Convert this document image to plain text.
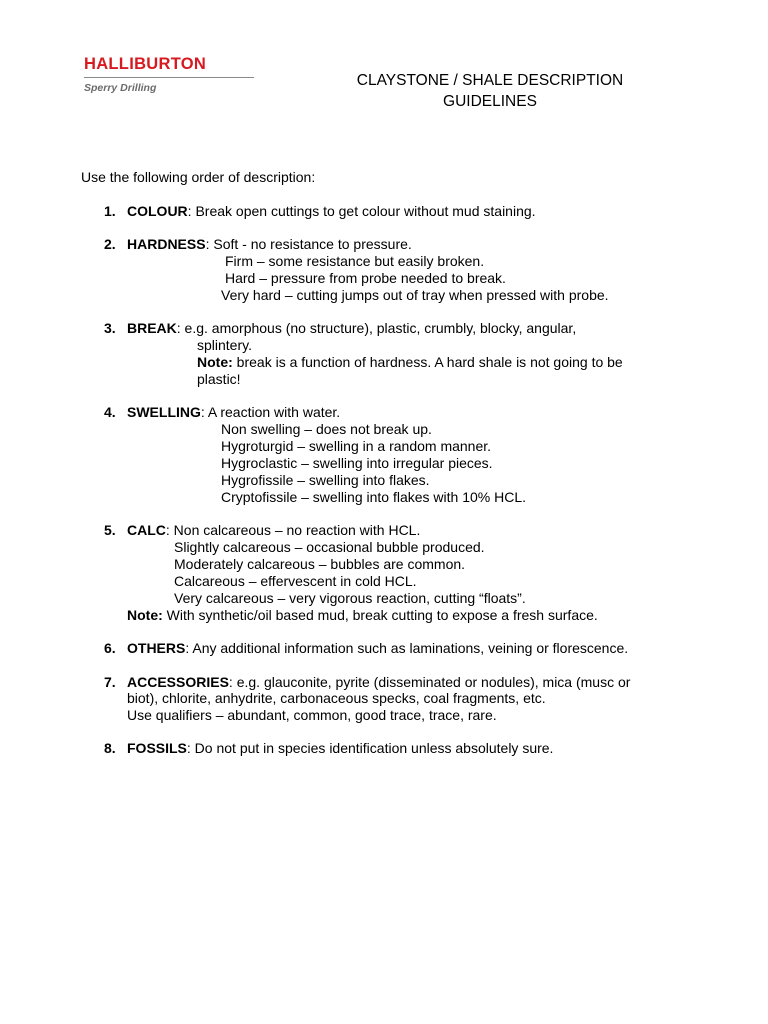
HALLIBURTON
Sperry Drilling	CLAYSTONE / SHALE DESCRIPTION
GUIDELINES
Use the following order of description:
1. COLOUR: Break open cuttings to get colour without mud staining.
2. HARDNESS: Soft - no resistance to pressure.
Firm – some resistance but easily broken.
Hard – pressure from probe needed to break.
Very hard – cutting jumps out of tray when pressed with probe.
3. BREAK: e.g. amorphous (no structure), plastic, crumbly, blocky, angular,
splintery.
Note: break is a function of hardness. A hard shale is not going to be
plastic!
4. SWELLING: A reaction with water.
Non swelling – does not break up.
Hygroturgid – swelling in a random manner.
Hygroclastic – swelling into irregular pieces.
Hygrofissile – swelling into flakes.
Cryptofissile – swelling into flakes with 10% HCL.
5. CALC: Non calcareous – no reaction with HCL.
Slightly calcareous – occasional bubble produced.
Moderately calcareous – bubbles are common.
Calcareous – effervescent in cold HCL.
Very calcareous – very vigorous reaction, cutting “floats”.
Note: With synthetic/oil based mud, break cutting to expose a fresh surface.
6. OTHERS: Any additional information such as laminations, veining or florescence.
7. ACCESSORIES: e.g. glauconite, pyrite (disseminated or nodules), mica (musc or
biot), chlorite, anhydrite, carbonaceous specks, coal fragments, etc.
Use qualifiers – abundant, common, good trace, trace, rare.
8. FOSSILS: Do not put in species identification unless absolutely sure.
